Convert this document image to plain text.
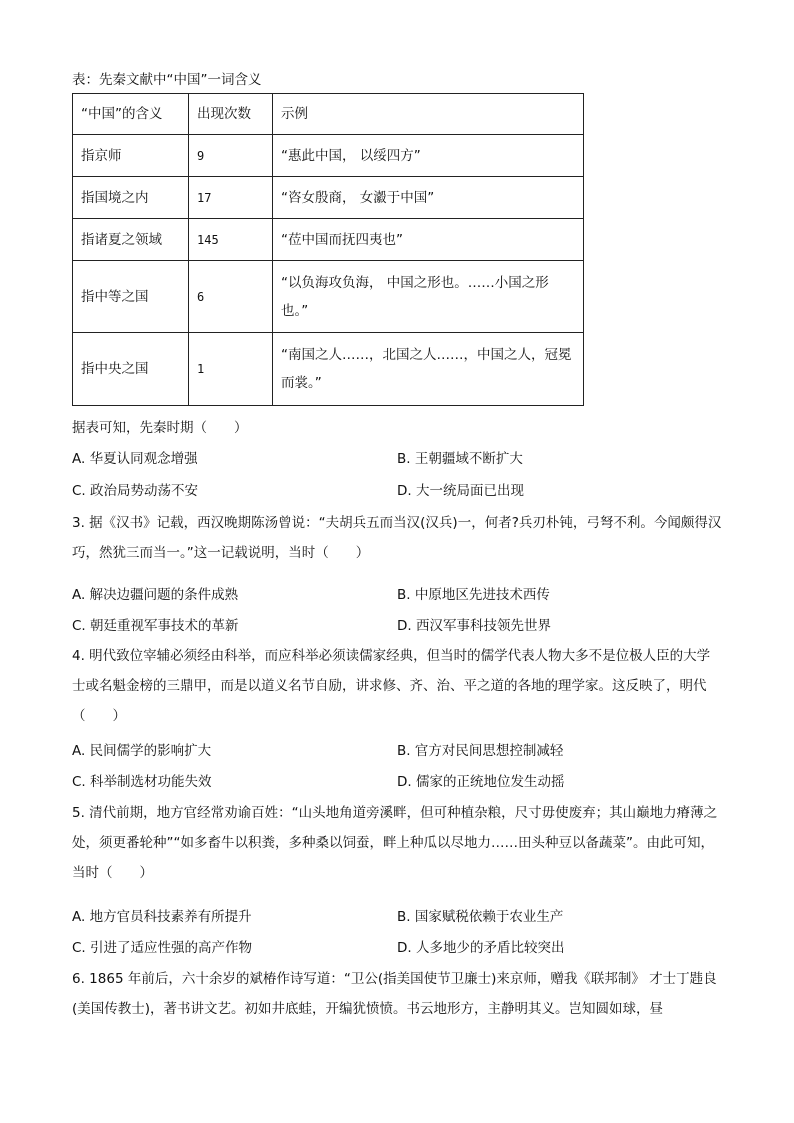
表：先秦文献中“中国”一词含义
“中国”的含义	出现次数	示例
指京师	9	“惠此中国， 以绥四方”
指国境之内	17	“咨女殷商， 女瀫于中国”
指诸夏之领域	145	“莅中国而抚四夷也”
指中等之国	6	“以负海攻负海， 中国之形也。……小国之形也。”
指中央之国	1	“南国之人……，北国之人……，中国之人，冠冕而裳。”
据表可知，先秦时期（　　）
A. 华夏认同观念增强	B. 王朝疆域不断扩大
C. 政治局势动荡不安	D. 大一统局面已出现
3. 据《汉书》记载，西汉晚期陈汤曾说：“夫胡兵五而当汉(汉兵)一，何者?兵刃朴钝，弓弩不利。今闻颇得汉巧，然犹三而当一。”这一记载说明，当时（　　）
A. 解决边疆问题的条件成熟	B. 中原地区先进技术西传
C. 朝廷重视军事技术的革新	D. 西汉军事科技领先世界
4. 明代致位宰辅必须经由科举，而应科举必须读儒家经典，但当时的儒学代表人物大多不是位极人臣的大学士或名魁金榜的三鼎甲，而是以道义名节自励，讲求修、齐、治、平之道的各地的理学家。这反映了，明代（　　）
A. 民间儒学的影响扩大	B. 官方对民间思想控制减轻
C. 科举制选材功能失效	D. 儒家的正统地位发生动摇
5. 清代前期，地方官经常劝谕百姓：“山头地角道旁溪畔，但可种植杂粮，尺寸毋使废弃；其山巅地力瘠薄之处，须更番轮种”“如多畜牛以积粪，多种桑以饲蚕，畔上种瓜以尽地力……田头种豆以备蔬菜”。由此可知，当时（　　）
A. 地方官员科技素养有所提升	B. 国家赋税依赖于农业生产
C. 引进了适应性强的高产作物	D. 人多地少的矛盾比较突出
6. 1865 年前后，六十余岁的斌椿作诗写道：“卫公(指美国使节卫廉士)来京师，赠我《联邦制》 才士丁韪良(美国传教士)，著书讲文艺。初如井底蛙，开编犹愤愤。书云地形方，主静明其义。岂知圆如球，昼
